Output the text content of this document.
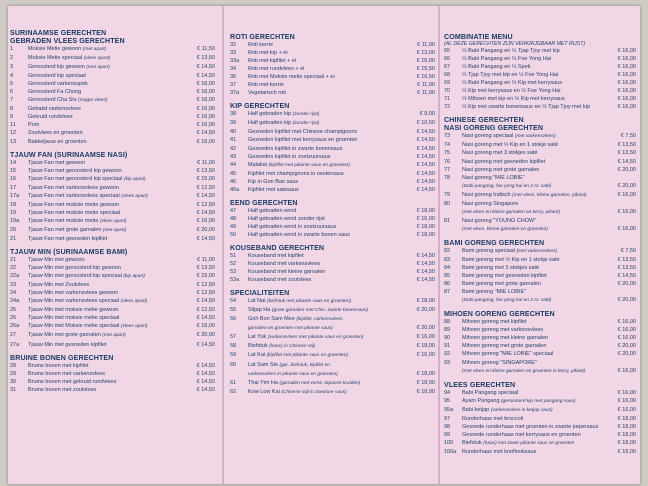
SURINAAMSE GERECHTEN
GEBRADEN VLEES GERECHTEN
1	Moksie Metie gewoon (met apart)	€ 11,50
2	Moksie Metie speciaal (vlees apart)	€ 13,50
3	Geroosterd kip gewoon (met apart)	€ 14,50
4	Geroosterd kip speciaal	€ 14,50
5	Geroosterd varkensspek	€ 16,00
6	Geroosterd Fa Chong	€ 16,00
7	Geroosterd Cha Siu (mager vlees)	€ 16,00
8	Gebakd varkensvlees	€ 16,00
9	Gekruid rundvlees	€ 16,00
11	Pom	€ 16,00
12	Zoutvlees en groenten	€ 14,50
13	Bakkeljauw en groenten	€ 16,00
TJAUW FAN (SURINAAMSE NASI)
14	Tjauw Fan met gewoon	€ 11,00
15	Tjauw Fan met geroosterd kip gewoon	€ 13,50
16	Tjauw Fan met geroosterd kip speciaal (kip apart)	€ 15,00
17	Tjauw Fan met varkensvlees gewoon	€ 12,50
17a	Tjauw Fan met varkensvlees speciaal (vlees apart)	€ 14,50
18	Tjauw Fan met moksie metie gewoon	€ 12,50
19	Tjauw Fan met moksie metie speciaal	€ 14,50
19a	Tjauw Fan met moksie metie (vlees apart)	€ 16,00
20	Tjauw Fan met grote garnalen (met apart)	€ 20,00
21	Tjauw Fan met gesneden kipfilet	€ 14,50
TJAUW MIN (SURINAAMSE BAMI)
21	Tjauw Min met gewoon	€ 11,00
22	Tjauw Min met geroosterd kip gewoon	€ 13,50
22a	Tjauw Min met geroosterd kip speciaal (kip apart)	€ 15,00
23	Tjauw Min met Zoutvlees	€ 12,50
24	Tjauw Min met varkensvlees gewoon	€ 12,50
24a	Tjauw Min met varkensvlees speciaal (vlees apart)	€ 14,50
25	Tjauw Min met moksie metie gewoon	€ 12,50
26	Tjauw Min met moksie metie speciaal	€ 14,50
26a	Tjauw Min met Moksie metie speciaal (vlees apart)	€ 16,00
27	Tjauw Min met grote garnalen (met apart)	€ 20,00
27a	Tjauw Min met gesneden kipfilet	€ 14,50
BRUINE BONEN GERECHTEN
28	Bruine bonen met kipfilet	€ 14,50
29	Bruine bonen met varkensvlees	€ 14,50
30	Bruine bonen met gekruid rundvlees	€ 14,50
31	Bruine bonen met zoutvlees	€ 14,50
ROTI GERECHTEN
32	Roti kerrie	€ 11,00
33	Roti met kip + ei	€ 13,00
33a	Roti met kipfilet + ei	€ 15,00
34	Roti met rundvlees + ei	€ 15,50
35	Roti met Moksie metie speciaal + ei	€ 16,50
37	Roti met kerrie	€ 11,00
37a	Vegetarisch roti	€ 11,00
KIP GERECHTEN
38	Half gebraden kip (zonder rijst)	€ 9,00
39	Half gebraden kip (zonder rijst)	€ 10,50
40	Gesneden kipfilet met Chinese champignons	€ 14,50
41	Gesneden kipfilet met kerrysaus en groenten	€ 14,50
42	Gesneden kipfilet in zwarte bonensaus	€ 14,50
43	Gesneden kipfilet in zoetzuursaus	€ 14,50
44	Malakai (kipfilet met pikante saus en groenten)	€ 14,50
45	Kipfilet met champignons in oestersaus	€ 14,50
46	Kip in Gon Bao saus	€ 14,50
46a	Kipfilet met satesaus	€ 14,50
EEND GERECHTEN
47	Half gebraden eend	€ 18,00
48	Half gebraden eend zonder rijst	€ 16,00
49	Half gebraden eend in zoetzuursaus	€ 18,00
50	Half gebraden eend in zwarte bonen saus	€ 18,00
KOUSEBAND GERECHTEN
51	Kouseband met kipfilet	€ 14,50
52	Kouseband met varkensvlees	€ 14,50
53	Kouseband met kleine garnalen	€ 14,50
53a	Kouseband met zoutvlees	€ 14,50
SPECIALITEITEN
54	Lat Nai (biefstuk met pikante saus en groenten)	€ 18,00
55	Sitjap Ha (grote garnalen met Chin. zwarte bonensaus)	€ 20,00
56	Goh Bon Sam Mee (kipfilet, varkensvlees,
garnalen en groenten met pikante saus)	€ 20,00
57	Lat Yuk (varkensvlees met pikante saus en groenten)	€ 16,00
58	Biefstuk (haas) in Chinese stijl	€ 18,00
59	Lat Kai (kipfilet met pikante saus en groenten)	€ 16,00
60	Lat Sam Sie (gar. biefstuk, kipfilet en
varkensvlees in pikante saus en groenten)	€ 18,00
61	Thai Yim Ha (garnalen met verse Japanse kruiden)	€ 18,00
62	Kow Low Kai (Chinese stijl in zoetzure saus)	€ 18,00
COMBINATIE MENU
(AL DEZE GERECHTEN ZIJN VERKRIJGBAAR MET RIJST)
65	½ Babi Pangang en ½ Tjap Tjoy met kip	€ 16,00
66	½ Babi Pangang en ½ Foe Yong Hai	€ 16,00
67	½ Babi Pangang en ½ Spek	€ 16,00
68	½ Tjap Tjoy met kip en ½ Foe Yong Hai	€ 16,00
69	½ Babi Pangang en ½ Kip met kerrysaus	€ 16,00
70	½ Kip met kerrysaus en ½ Foe Yong Hai	€ 16,00
71	½ Mihoen met kip en ½ Kip met kerrysaus	€ 16,00
72	½ Kip met zwarte bonensaus en ½ Tjap Tjoy met kip	€ 16,00
CHINESE GERECHTEN
NASI GORENG GERECHTEN
73	Nasi goreng speciaal (met varkensvlees)	€ 7,50
74	Nasi goreng met ½ Kip en 1 stokje saté	€ 13,50
75	Nasi goreng met 3 stokjes saté	€ 13,50
76	Nasi goreng met gesneden kipfilet	€ 14,50
77	Nasi goreng met grote garnalen	€ 20,00
78	Nasi goreng "MIE LOBIE"
(Dabi pangang, foe yong hai en 2 st. saté)	€ 20,00
79	Nasi goreng Indisch (met vlees, kleine garnalen, pikant)	€ 16,00
80	Nasi goreng Singapore
(met vlees en kleine garnalen en kerry, pikant)	€ 16,00
81	Nasi goreng "YOUNG CHOW"
(met vlees, kleine garnalen en groenten)	€ 16,00
BAMI GORENG GERECHTEN
82	Bami goreng speciaal (met varkensvlees)	€ 7,50
83	Bami goreng met ½ Kip en 1 stokje saté	€ 13,50
84	Bami goreng met 3 stokjes saté	€ 13,50
85	Bami goreng met gesneden kipfilet	€ 14,50
86	Bami goreng met grote garnalen	€ 20,00
87	Bami goreng "MIE LOBIE"
(Dabi pangang, foe yong hai en 2 st. saté)	€ 20,00
MIHOEN GORENG GERECHTEN
88	Mihoen goreng met kipfilet	€ 16,00
89	Mihoen goreng met varkensvlees	€ 16,00
90	Mihoen goreng met kleine garnalen	€ 16,00
91	Mihoen goreng met grote garnalen	€ 20,00
92	Mihoen goreng "MIE LOBIE" speciaal	€ 20,00
93	Mihoen goreng "SINGAPORE"
(met vlees en kleine garnalen en groenten in kerry, pikant)	€ 16,00
VLEES GERECHTEN
94	Babi Pangang speciaal	€ 16,00
95	Ayam Pangang (geroosterd kip met pangang saus)	€ 16,00
95a	Babi ketjap (varkensvlees in ketjap saus)	€ 16,00
97	Runderhaas met broccoli	€ 18,00
98	Gesnede runderhaas met groenten in zwarte pepersaus	€ 18,00
99	Gesnede runderhaas met kerrysaus en groenten	€ 18,00
100	Biefstuk (haas) met zoete pikante saus en groenten	€ 18,00
100a	Runderhaas met knoflooksaus	€ 18,00
